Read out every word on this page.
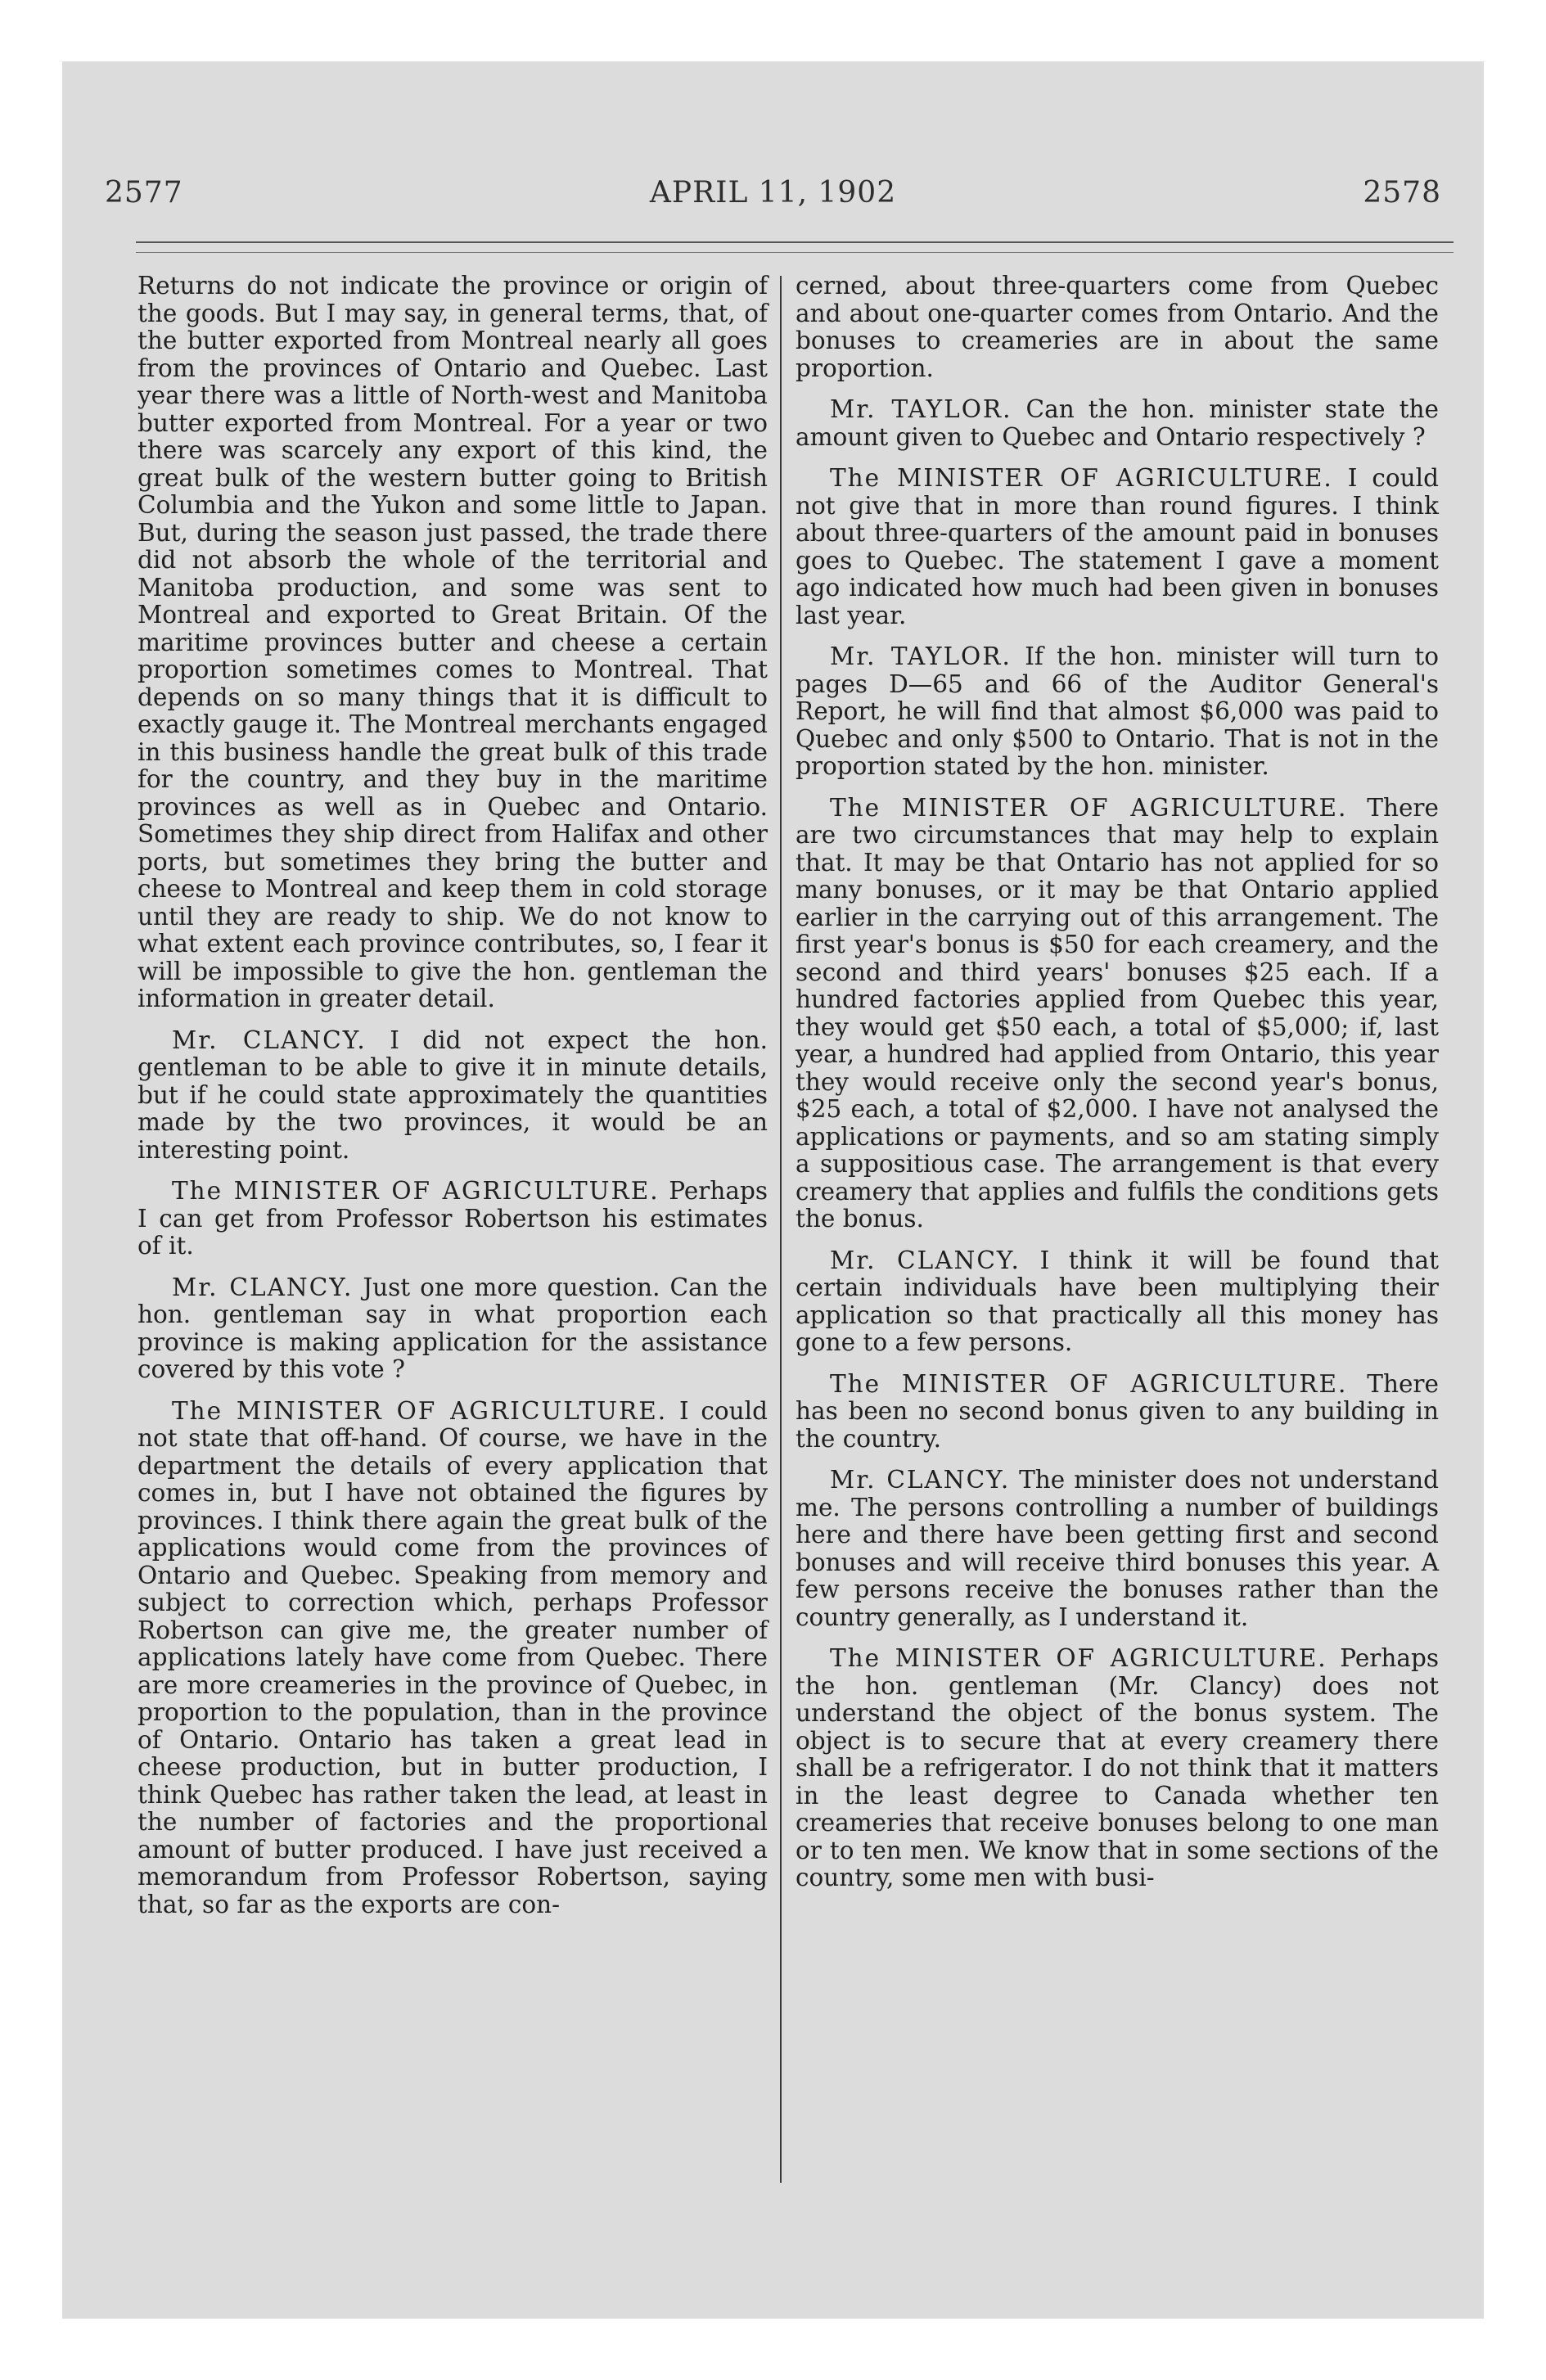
2577	APRIL 11, 1902	2578

Returns do not indicate the province or origin of the goods. But I may say, in general terms, that, of the butter exported from Montreal nearly all goes from the provinces of Ontario and Quebec. Last year there was a little of North-west and Manitoba butter exported from Montreal. For a year or two there was scarcely any export of this kind, the great bulk of the western butter going to British Columbia and the Yukon and some little to Japan. But, during the season just passed, the trade there did not absorb the whole of the territorial and Manitoba production, and some was sent to Montreal and exported to Great Britain. Of the maritime provinces butter and cheese a certain proportion sometimes comes to Montreal. That depends on so many things that it is difficult to exactly gauge it. The Montreal merchants engaged in this business handle the great bulk of this trade for the country, and they buy in the maritime provinces as well as in Quebec and Ontario. Sometimes they ship direct from Halifax and other ports, but sometimes they bring the butter and cheese to Montreal and keep them in cold storage until they are ready to ship. We do not know to what extent each province contributes, so, I fear it will be impossible to give the hon. gentleman the information in greater detail.

Mr. CLANCY. I did not expect the hon. gentleman to be able to give it in minute details, but if he could state approximately the quantities made by the two provinces, it would be an interesting point.

The MINISTER OF AGRICULTURE. Perhaps I can get from Professor Robertson his estimates of it.

Mr. CLANCY. Just one more question. Can the hon. gentleman say in what proportion each province is making application for the assistance covered by this vote ?

The MINISTER OF AGRICULTURE. I could not state that off-hand. Of course, we have in the department the details of every application that comes in, but I have not obtained the figures by provinces. I think there again the great bulk of the applications would come from the provinces of Ontario and Quebec. Speaking from memory and subject to correction which, perhaps Professor Robertson can give me, the greater number of applications lately have come from Quebec. There are more creameries in the province of Quebec, in proportion to the population, than in the province of Ontario. Ontario has taken a great lead in cheese production, but in butter production, I think Quebec has rather taken the lead, at least in the number of factories and the proportional amount of butter produced. I have just received a memorandum from Professor Robertson, saying that, so far as the exports are con-

cerned, about three-quarters come from Quebec and about one-quarter comes from Ontario. And the bonuses to creameries are in about the same proportion.

Mr. TAYLOR. Can the hon. minister state the amount given to Quebec and Ontario respectively ?

The MINISTER OF AGRICULTURE. I could not give that in more than round figures. I think about three-quarters of the amount paid in bonuses goes to Quebec. The statement I gave a moment ago indicated how much had been given in bonuses last year.

Mr. TAYLOR. If the hon. minister will turn to pages D—65 and 66 of the Auditor General's Report, he will find that almost $6,000 was paid to Quebec and only $500 to Ontario. That is not in the proportion stated by the hon. minister.

The MINISTER OF AGRICULTURE. There are two circumstances that may help to explain that. It may be that Ontario has not applied for so many bonuses, or it may be that Ontario applied earlier in the carrying out of this arrangement. The first year's bonus is $50 for each creamery, and the second and third years' bonuses $25 each. If a hundred factories applied from Quebec this year, they would get $50 each, a total of $5,000; if, last year, a hundred had applied from Ontario, this year they would receive only the second year's bonus, $25 each, a total of $2,000. I have not analysed the applications or payments, and so am stating simply a suppositious case. The arrangement is that every creamery that applies and fulfils the conditions gets the bonus.

Mr. CLANCY. I think it will be found that certain individuals have been multiplying their application so that practically all this money has gone to a few persons.

The MINISTER OF AGRICULTURE. There has been no second bonus given to any building in the country.

Mr. CLANCY. The minister does not understand me. The persons controlling a number of buildings here and there have been getting first and second bonuses and will receive third bonuses this year. A few persons receive the bonuses rather than the country generally, as I understand it.

The MINISTER OF AGRICULTURE. Perhaps the hon. gentleman (Mr. Clancy) does not understand the object of the bonus system. The object is to secure that at every creamery there shall be a refrigerator. I do not think that it matters in the least degree to Canada whether ten creameries that receive bonuses belong to one man or to ten men. We know that in some sections of the country, some men with busi-
